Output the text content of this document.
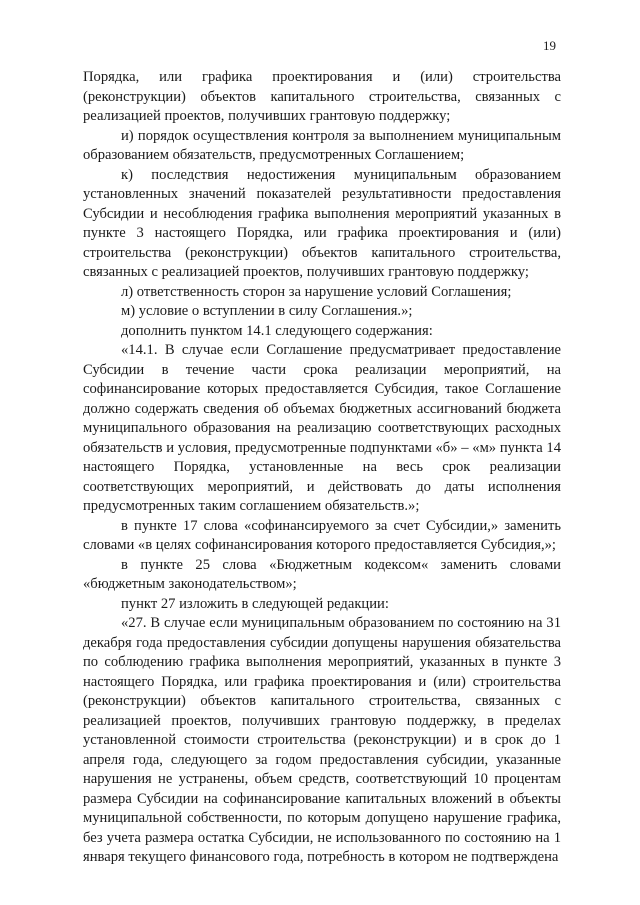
19

Порядка, или графика проектирования и (или) строительства (реконструкции) объектов капитального строительства, связанных с реализацией проектов, получивших грантовую поддержку;

и) порядок осуществления контроля за выполнением муниципальным образованием обязательств, предусмотренных Соглашением;

к) последствия недостижения муниципальным образованием установленных значений показателей результативности предоставления Субсидии и несоблюдения графика выполнения мероприятий указанных в пункте 3 настоящего Порядка, или графика проектирования и (или) строительства (реконструкции) объектов капитального строительства, связанных с реализацией проектов, получивших грантовую поддержку;

л) ответственность сторон за нарушение условий Соглашения;

м) условие о вступлении в силу Соглашения.»;

дополнить пунктом 14.1 следующего содержания:

«14.1. В случае если Соглашение предусматривает предоставление Субсидии в течение части срока реализации мероприятий, на софинансирование которых предоставляется Субсидия, такое Соглашение должно содержать сведения об объемах бюджетных ассигнований бюджета муниципального образования на реализацию соответствующих расходных обязательств и условия, предусмотренные подпунктами «б» – «м» пункта 14 настоящего Порядка, установленные на весь срок реализации соответствующих мероприятий, и действовать до даты исполнения предусмотренных таким соглашением обязательств.»;

в пункте 17 слова «софинансируемого за счет Субсидии,» заменить словами «в целях софинансирования которого предоставляется Субсидия,»;

в пункте 25 слова «Бюджетным кодексом« заменить словами «бюджетным законодательством»;

пункт 27 изложить в следующей редакции:

«27. В случае если муниципальным образованием по состоянию на 31 декабря года предоставления субсидии допущены нарушения обязательства по соблюдению графика выполнения мероприятий, указанных в пункте 3 настоящего Порядка, или графика проектирования и (или) строительства (реконструкции) объектов капитального строительства, связанных с реализацией проектов, получивших грантовую поддержку, в пределах установленной стоимости строительства (реконструкции) и в срок до 1 апреля года, следующего за годом предоставления субсидии, указанные нарушения не устранены, объем средств, соответствующий 10 процентам размера Субсидии на софинансирование капитальных вложений в объекты муниципальной собственности, по которым допущено нарушение графика, без учета размера остатка Субсидии, не использованного по состоянию на 1 января текущего финансового года, потребность в котором не подтверждена
